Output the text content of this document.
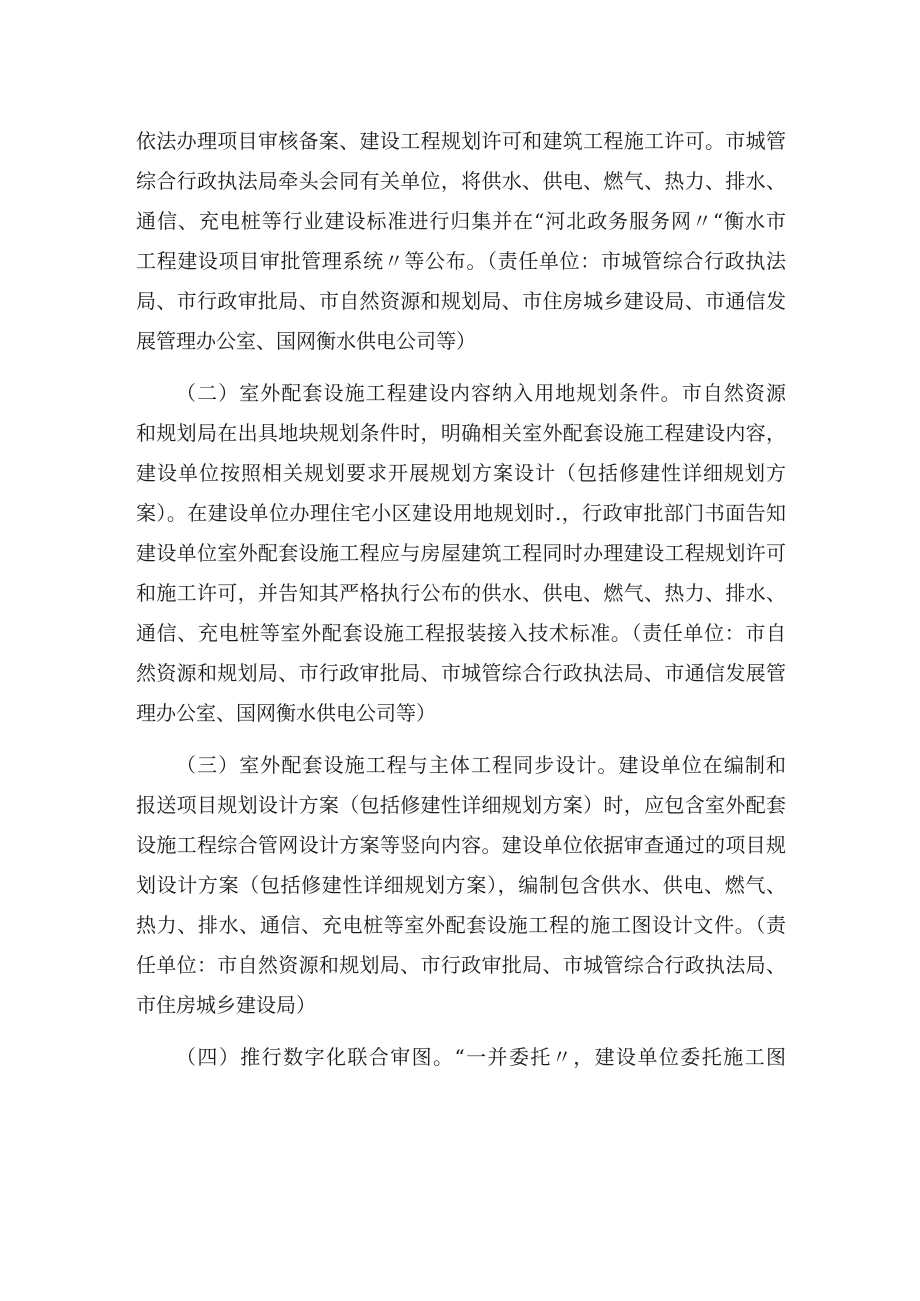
依法办理项目审核备案、建设工程规划许可和建筑工程施工许可。市城管
综合行政执法局牵头会同有关单位，将供水、供电、燃气、热力、排水、
通信、充电桩等行业建设标准进行归集并在“河北政务服务网〃“衡水市
工程建设项目审批管理系统〃等公布。（责任单位：市城管综合行政执法
局、市行政审批局、市自然资源和规划局、市住房城乡建设局、市通信发
展管理办公室、国网衡水供电公司等）
（二）室外配套设施工程建设内容纳入用地规划条件。市自然资源
和规划局在出具地块规划条件时，明确相关室外配套设施工程建设内容，
建设单位按照相关规划要求开展规划方案设计（包括修建性详细规划方
案）。在建设单位办理住宅小区建设用地规划时.，行政审批部门书面告知
建设单位室外配套设施工程应与房屋建筑工程同时办理建设工程规划许可
和施工许可，并告知其严格执行公布的供水、供电、燃气、热力、排水、
通信、充电桩等室外配套设施工程报装接入技术标准。（责任单位：市自
然资源和规划局、市行政审批局、市城管综合行政执法局、市通信发展管
理办公室、国网衡水供电公司等）
（三）室外配套设施工程与主体工程同步设计。建设单位在编制和
报送项目规划设计方案（包括修建性详细规划方案）时，应包含室外配套
设施工程综合管网设计方案等竖向内容。建设单位依据审查通过的项目规
划设计方案（包括修建性详细规划方案），编制包含供水、供电、燃气、
热力、排水、通信、充电桩等室外配套设施工程的施工图设计文件。（责
任单位：市自然资源和规划局、市行政审批局、市城管综合行政执法局、
市住房城乡建设局）
（四）推行数字化联合审图。“一并委托〃，建设单位委托施工图
